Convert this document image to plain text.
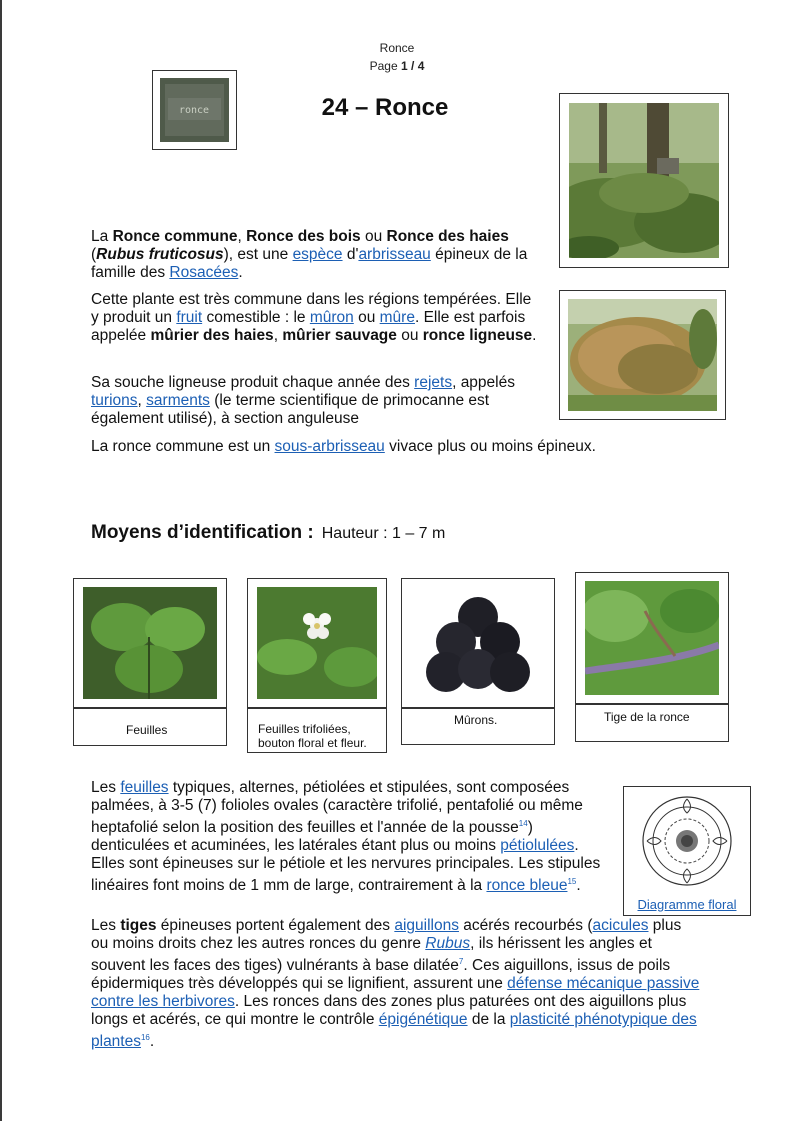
Ronce
Page 1 / 4
ronce	24 – Ronce

La Ronce commune, Ronce des bois ou Ronce des haies (Rubus fruticosus), est une espèce d'arbrisseau épineux de la famille des Rosacées.

Cette plante est très commune dans les régions tempérées. Elle y produit un fruit comestible : le mûron ou mûre. Elle est parfois appelée mûrier des haies, mûrier sauvage ou ronce ligneuse.

Sa souche ligneuse produit chaque année des rejets, appelés turions, sarments (le terme scientifique de primocanne est également utilisé), à section anguleuse

La ronce commune est un sous-arbrisseau vivace plus ou moins épineux.

Moyens d’identification : Hauteur : 1 – 7 m
Feuilles	Feuilles trifoliées,
bouton floral et fleur.
Mûrons.	Tige de la ronce

Les feuilles typiques, alternes, pétiolées et stipulées, sont composées palmées, à 3-5 (7) folioles ovales (caractère trifolié, pentafolié ou même heptafolié selon la position des feuilles et l'année de la pousse$^{14}$) denticulées et acuminées, les latérales étant plus ou moins pétiolulées. Elles sont épineuses sur le pétiole et les nervures principales. Les stipules linéaires font moins de 1 mm de large, contrairement à la ronce bleue$^{15}$.

Diagramme floral

Les tiges épineuses portent également des aiguillons acérés recourbés (acicules plus ou moins droits chez les autres ronces du genre Rubus, ils hérissent les angles et souvent les faces des tiges) vulnérants à base dilatée$^7$. Ces aiguillons, issus de poils épidermiques très développés qui se lignifient, assurent une défense mécanique passive contre les herbivores. Les ronces dans des zones plus paturées ont des aiguillons plus longs et acérés, ce qui montre le contrôle épigénétique de la plasticité phénotypique des plantes$^{16}$.
